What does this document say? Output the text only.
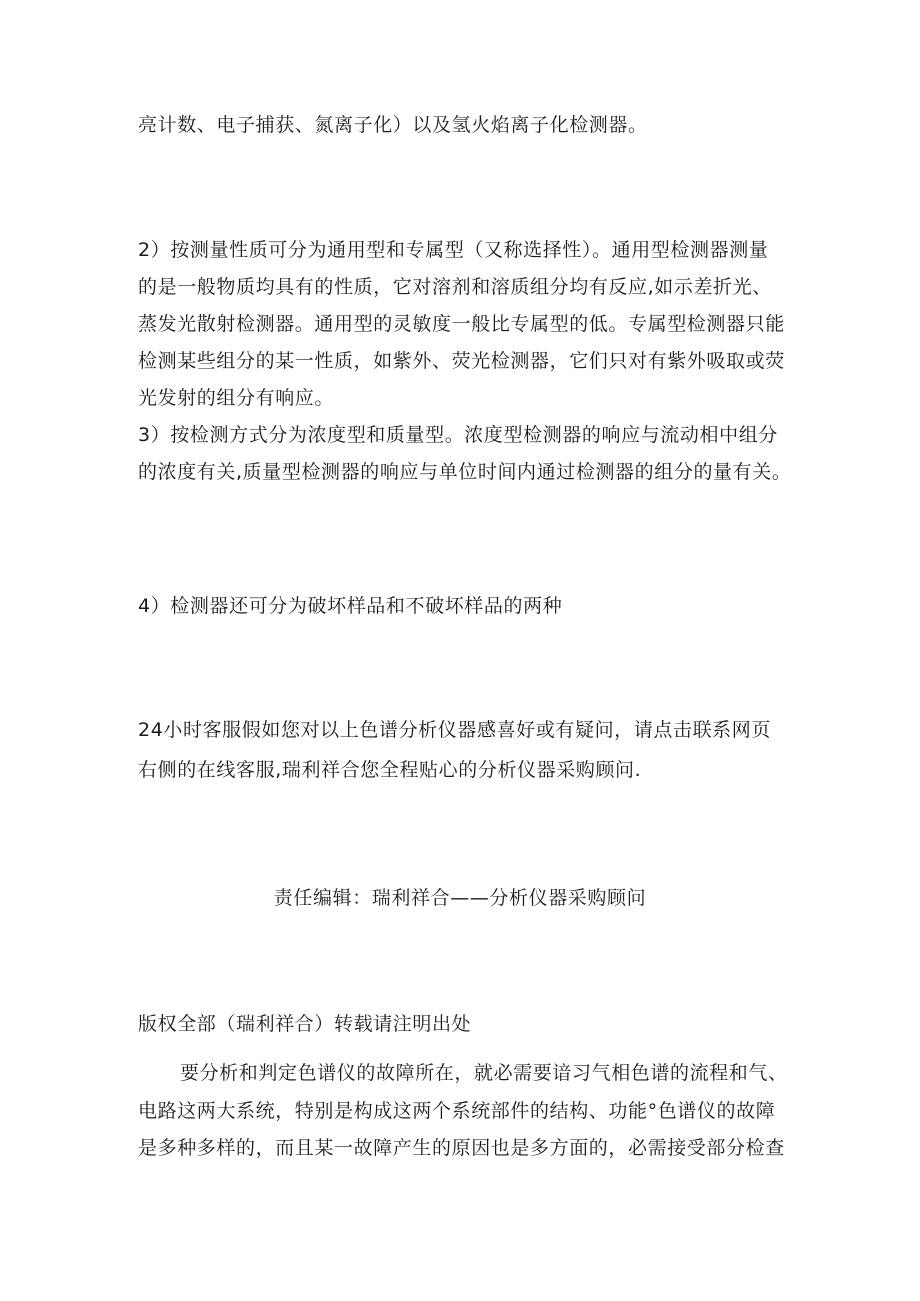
亮计数、电子捕获、氮离子化）以及氢火焰离子化检测器。
2）按测量性质可分为通用型和专属型（又称选择性）。通用型检测器测量
的是一般物质均具有的性质，它对溶剂和溶质组分均有反应,如示差折光、
蒸发光散射检测器。通用型的灵敏度一般比专属型的低。专属型检测器只能
检测某些组分的某一性质，如紫外、荧光检测器，它们只对有紫外吸取或荧
光发射的组分有响应。
3）按检测方式分为浓度型和质量型。浓度型检测器的响应与流动相中组分
的浓度有关,质量型检测器的响应与单位时间内通过检测器的组分的量有关。
4）检测器还可分为破坏样品和不破坏样品的两种
24小时客服假如您对以上色谱分析仪器感喜好或有疑问，请点击联系网页
右侧的在线客服,瑞利祥合您全程贴心的分析仪器采购顾问.
责任编辑：瑞利祥合——分析仪器采购顾问
版权全部（瑞利祥合）转载请注明出处
要分析和判定色谱仪的故障所在，就必需要谙习气相色谱的流程和气、
电路这两大系统，特别是构成这两个系统部件的结构、功能°色谱仪的故障
是多种多样的，而且某一故障产生的原因也是多方面的，必需接受部分检查
